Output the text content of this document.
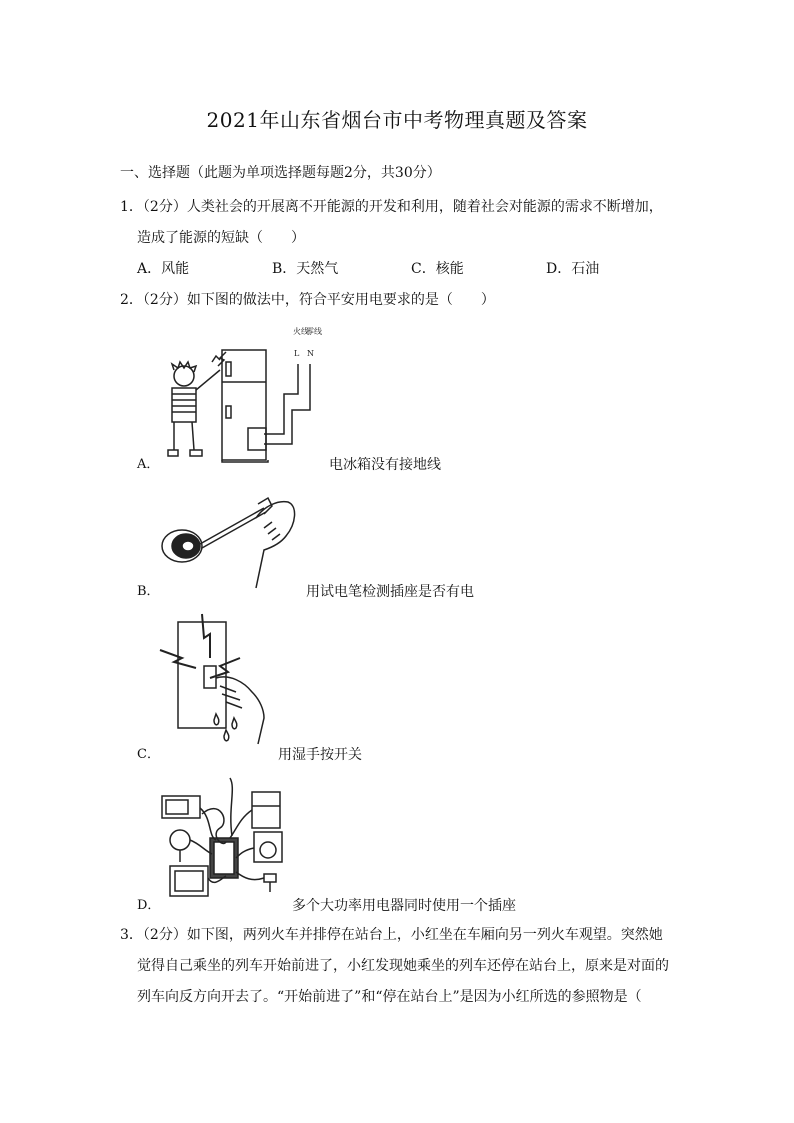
2021年山东省烟台市中考物理真题及答案
一、选择题（此题为单项选择题每题2分，共30分）
1．（2分）人类社会的开展离不开能源的开发和利用，随着社会对能源的需求不断增加，
造成了能源的短缺（　　）
A．风能	B．天然气	C．核能	D．石油
2．（2分）如下图的做法中，符合平安用电要求的是（　　）
火线
零线
L N
A．	电冰箱没有接地线
B．	用试电笔检测插座是否有电
C．	用湿手按开关
D．	多个大功率用电器同时使用一个插座
3．（2分）如下图，两列火车并排停在站台上，小红坐在车厢向另一列火车观望。突然她
觉得自己乘坐的列车开始前进了，小红发现她乘坐的列车还停在站台上，原来是对面的
列车向反方向开去了。“开始前进了”和“停在站台上”是因为小红所选的参照物是（
